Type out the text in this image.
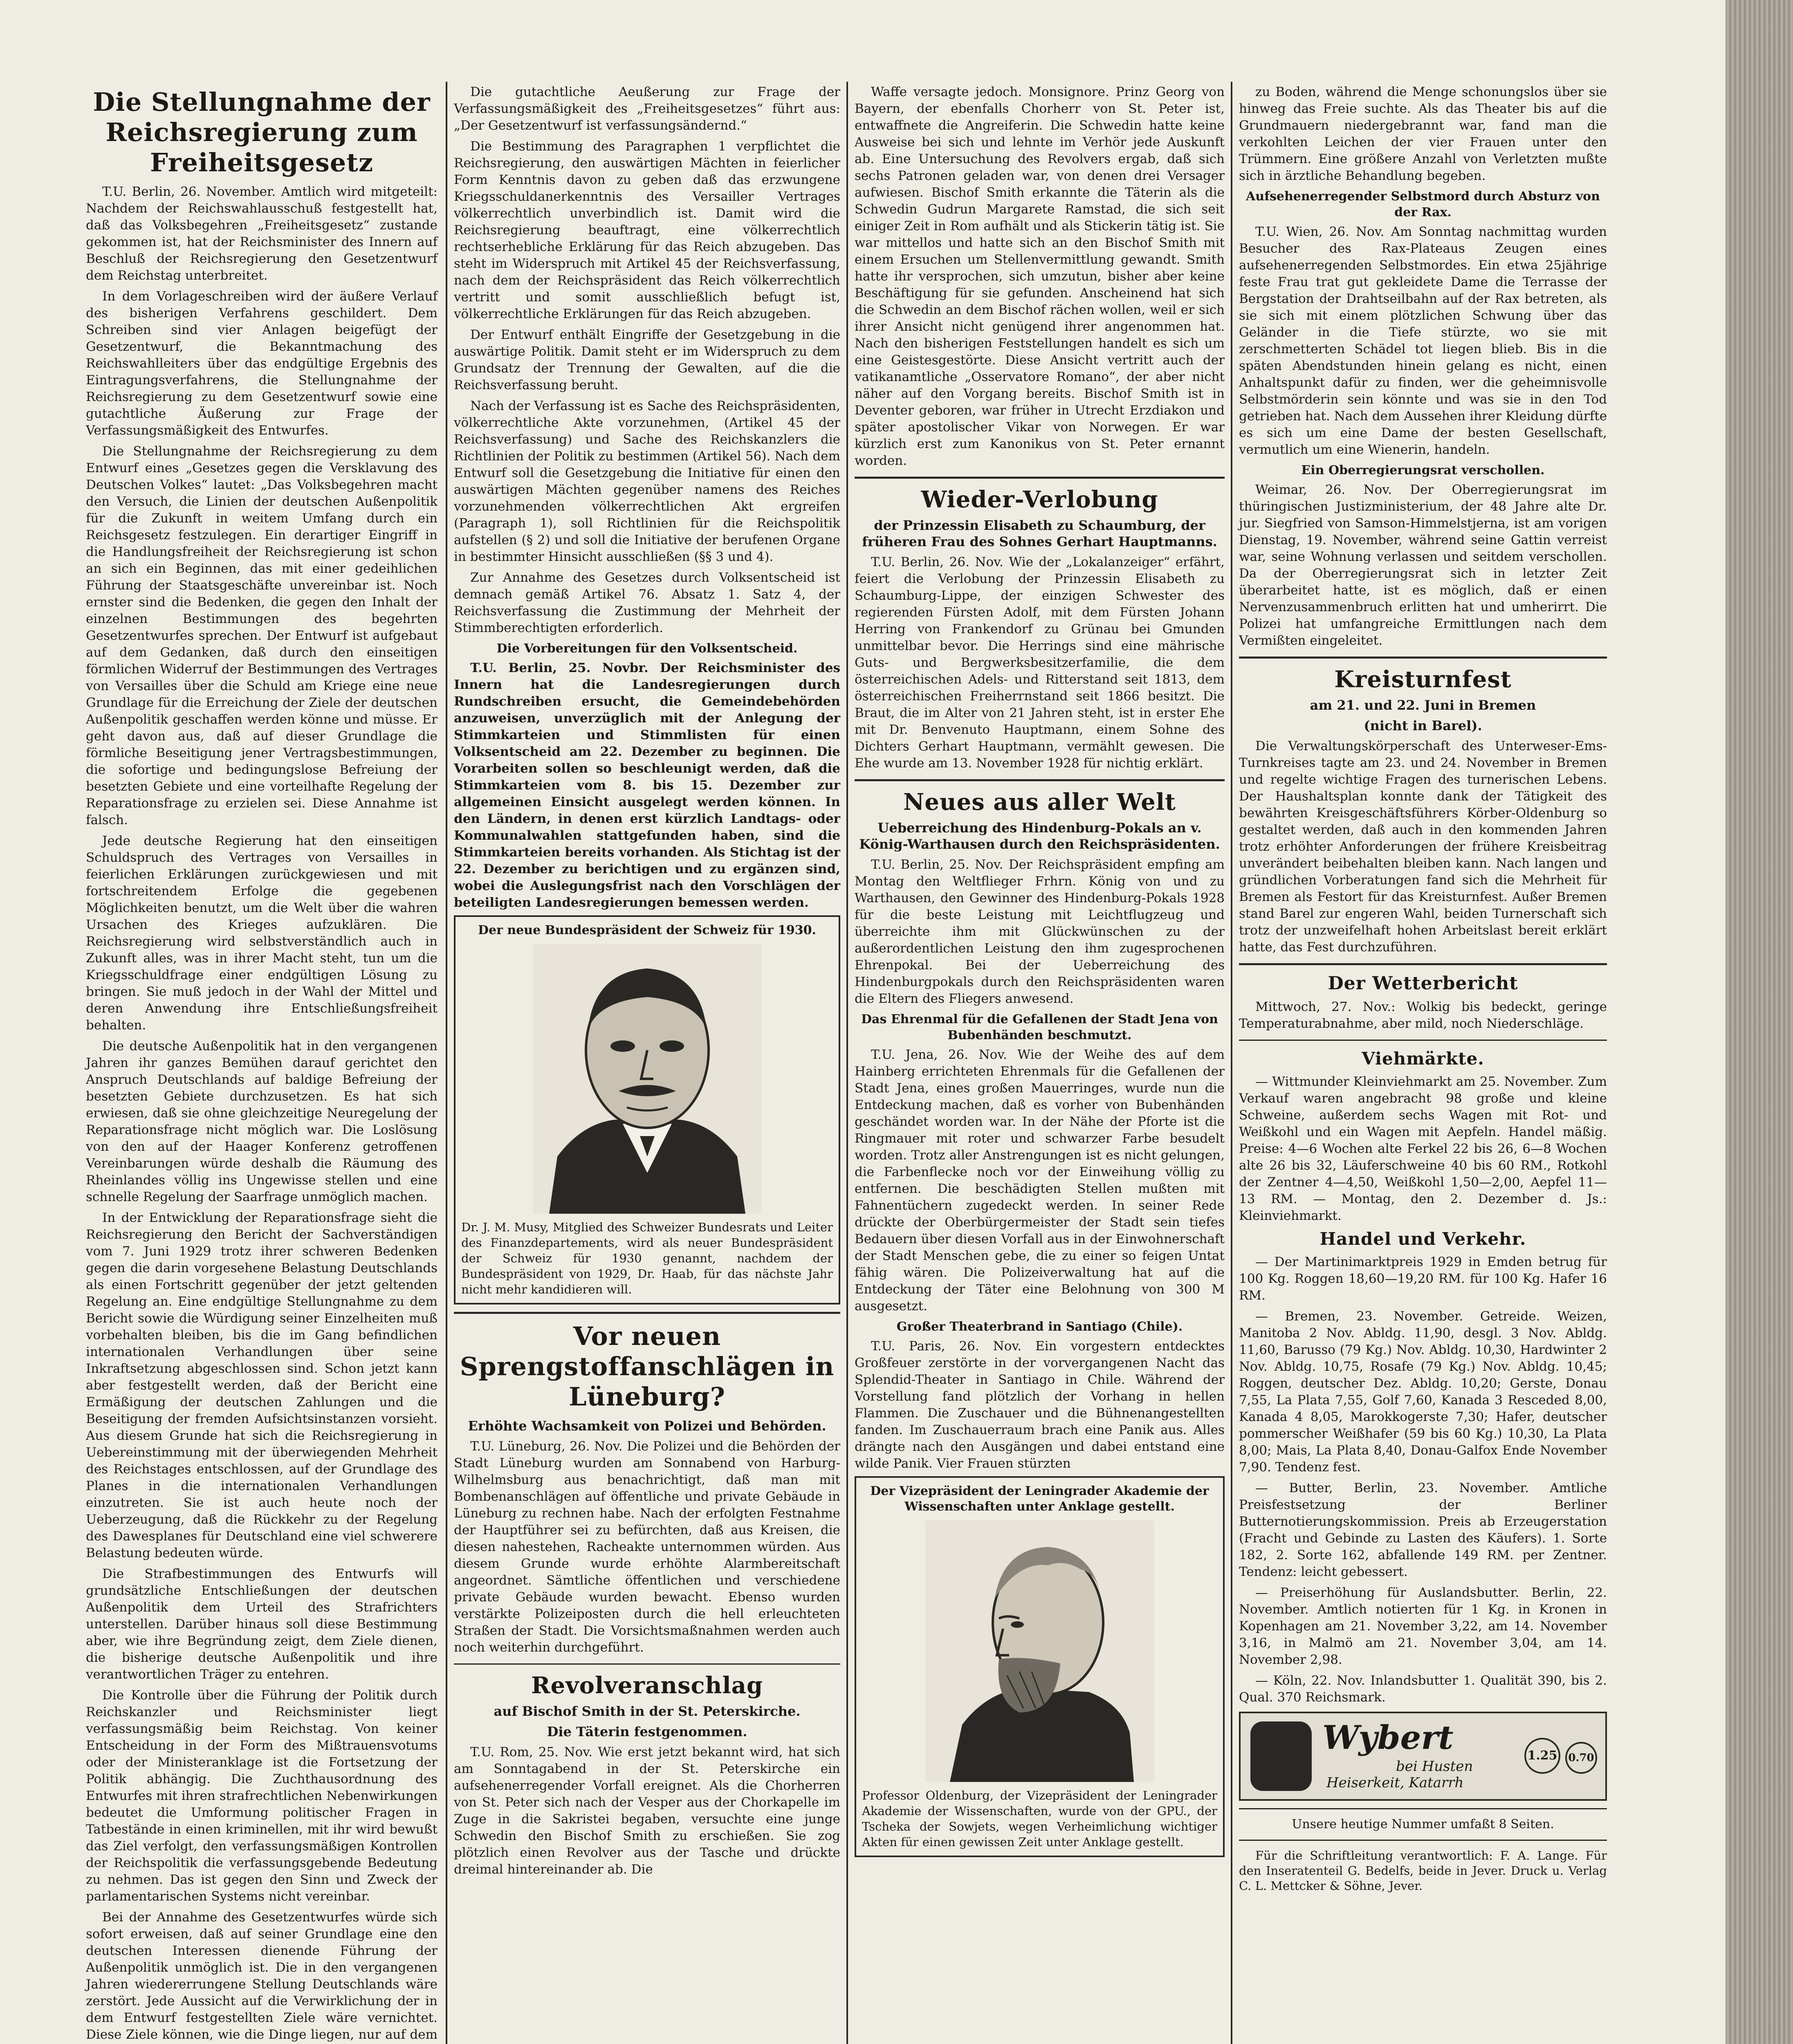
Die Stellungnahme der Reichsregierung zum Freiheitsgesetz

T.U. Berlin, 26. November. Amtlich wird mitgeteilt: Nachdem der Reichswahlausschuß festgestellt hat, daß das Volksbegehren „Freiheitsgesetz“ zustande gekommen ist, hat der Reichsminister des Innern auf Beschluß der Reichsregierung den Gesetzentwurf dem Reichstag unterbreitet.

In dem Vorlageschreiben wird der äußere Verlauf des bisherigen Verfahrens geschildert. Dem Schreiben sind vier Anlagen beigefügt der Gesetzentwurf, die Bekanntmachung des Reichswahlleiters über das endgültige Ergebnis des Eintragungsverfahrens, die Stellungnahme der Reichsregierung zu dem Gesetzentwurf sowie eine gutachtliche Äußerung zur Frage der Verfassungsmäßigkeit des Entwurfes.

Die Stellungnahme der Reichsregierung zu dem Entwurf eines „Gesetzes gegen die Versklavung des Deutschen Volkes“ lautet: „Das Volksbegehren macht den Versuch, die Linien der deutschen Außenpolitik für die Zukunft in weitem Umfang durch ein Reichsgesetz festzulegen. Ein derartiger Eingriff in die Handlungsfreiheit der Reichsregierung ist schon an sich ein Beginnen, das mit einer gedeihlichen Führung der Staatsgeschäfte unvereinbar ist. Noch ernster sind die Bedenken, die gegen den Inhalt der einzelnen Bestimmungen des begehrten Gesetzentwurfes sprechen. Der Entwurf ist aufgebaut auf dem Gedanken, daß durch den einseitigen förmlichen Widerruf der Bestimmungen des Vertrages von Versailles über die Schuld am Kriege eine neue Grundlage für die Erreichung der Ziele der deutschen Außenpolitik geschaffen werden könne und müsse. Er geht davon aus, daß auf dieser Grundlage die förmliche Beseitigung jener Vertragsbestimmungen, die sofortige und bedingungslose Befreiung der besetzten Gebiete und eine vorteilhafte Regelung der Reparationsfrage zu erzielen sei. Diese Annahme ist falsch.

Jede deutsche Regierung hat den einseitigen Schuldspruch des Vertrages von Versailles in feierlichen Erklärungen zurückgewiesen und mit fortschreitendem Erfolge die gegebenen Möglichkeiten benutzt, um die Welt über die wahren Ursachen des Krieges aufzuklären. Die Reichsregierung wird selbstverständlich auch in Zukunft alles, was in ihrer Macht steht, tun um die Kriegsschuldfrage einer endgültigen Lösung zu bringen. Sie muß jedoch in der Wahl der Mittel und deren Anwendung ihre Entschließungsfreiheit behalten.

Die deutsche Außenpolitik hat in den vergangenen Jahren ihr ganzes Bemühen darauf gerichtet den Anspruch Deutschlands auf baldige Befreiung der besetzten Gebiete durchzusetzen. Es hat sich erwiesen, daß sie ohne gleichzeitige Neuregelung der Reparationsfrage nicht möglich war. Die Loslösung von den auf der Haager Konferenz getroffenen Vereinbarungen würde deshalb die Räumung des Rheinlandes völlig ins Ungewisse stellen und eine schnelle Regelung der Saarfrage unmöglich machen.

In der Entwicklung der Reparationsfrage sieht die Reichsregierung den Bericht der Sachverständigen vom 7. Juni 1929 trotz ihrer schweren Bedenken gegen die darin vorgesehene Belastung Deutschlands als einen Fortschritt gegenüber der jetzt geltenden Regelung an. Eine endgültige Stellungnahme zu dem Bericht sowie die Würdigung seiner Einzelheiten muß vorbehalten bleiben, bis die im Gang befindlichen internationalen Verhandlungen über seine Inkraftsetzung abgeschlossen sind. Schon jetzt kann aber festgestellt werden, daß der Bericht eine Ermäßigung der deutschen Zahlungen und die Beseitigung der fremden Aufsichtsinstanzen vorsieht. Aus diesem Grunde hat sich die Reichsregierung in Uebereinstimmung mit der überwiegenden Mehrheit des Reichstages entschlossen, auf der Grundlage des Planes in die internationalen Verhandlungen einzutreten. Sie ist auch heute noch der Ueberzeugung, daß die Rückkehr zu der Regelung des Dawesplanes für Deutschland eine viel schwerere Belastung bedeuten würde.

Die Strafbestimmungen des Entwurfs will grundsätzliche Entschließungen der deutschen Außenpolitik dem Urteil des Strafrichters unterstellen. Darüber hinaus soll diese Bestimmung aber, wie ihre Begründung zeigt, dem Ziele dienen, die bisherige deutsche Außenpolitik und ihre verantwortlichen Träger zu entehren.

Die Kontrolle über die Führung der Politik durch Reichskanzler und Reichsminister liegt verfassungsmäßig beim Reichstag. Von keiner Entscheidung in der Form des Mißtrauensvotums oder der Ministeranklage ist die Fortsetzung der Politik abhängig. Die Zuchthausordnung des Entwurfes mit ihren strafrechtlichen Nebenwirkungen bedeutet die Umformung politischer Fragen in Tatbestände in einen kriminellen, mit ihr wird bewußt das Ziel verfolgt, den verfassungsmäßigen Kontrollen der Reichspolitik die verfassungsgebende Bedeutung zu nehmen. Das ist gegen den Sinn und Zweck der parlamentarischen Systems nicht vereinbar.

Bei der Annahme des Gesetzentwurfes würde sich sofort erweisen, daß auf seiner Grundlage eine den deutschen Interessen dienende Führung der Außenpolitik unmöglich ist. Die in den vergangenen Jahren wiedererrungene Stellung Deutschlands wäre zerstört. Jede Aussicht auf die Verwirklichung der in dem Entwurf festgestellten Ziele wäre vernichtet. Diese Ziele können, wie die Dinge liegen, nur auf dem

Die gutachtliche Aeußerung zur Frage der Verfassungsmäßigkeit des „Freiheitsgesetzes“ führt aus: „Der Gesetzentwurf ist verfassungsändernd.“

Die Bestimmung des Paragraphen 1 verpflichtet die Reichsregierung, den auswärtigen Mächten in feierlicher Form Kenntnis davon zu geben daß das erzwungene Kriegsschuldanerkenntnis des Versailler Vertrages völkerrechtlich unverbindlich ist. Damit wird die Reichsregierung beauftragt, eine völkerrechtlich rechtserhebliche Erklärung für das Reich abzugeben. Das steht im Widerspruch mit Artikel 45 der Reichsverfassung, nach dem der Reichspräsident das Reich völkerrechtlich vertritt und somit ausschließlich befugt ist, völkerrechtliche Erklärungen für das Reich abzugeben.

Der Entwurf enthält Eingriffe der Gesetzgebung in die auswärtige Politik. Damit steht er im Widerspruch zu dem Grundsatz der Trennung der Gewalten, auf die die Reichsverfassung beruht.

Nach der Verfassung ist es Sache des Reichspräsidenten, völkerrechtliche Akte vorzunehmen, (Artikel 45 der Reichsverfassung) und Sache des Reichskanzlers die Richtlinien der Politik zu bestimmen (Artikel 56). Nach dem Entwurf soll die Gesetzgebung die Initiative für einen den auswärtigen Mächten gegenüber namens des Reiches vorzunehmenden völkerrechtlichen Akt ergreifen (Paragraph 1), soll Richtlinien für die Reichspolitik aufstellen (§ 2) und soll die Initiative der berufenen Organe in bestimmter Hinsicht ausschließen (§§ 3 und 4).

Zur Annahme des Gesetzes durch Volksentscheid ist demnach gemäß Artikel 76. Absatz 1. Satz 4, der Reichsverfassung die Zustimmung der Mehrheit der Stimmberechtigten erforderlich.

Die Vorbereitungen für den Volksentscheid.

T.U. Berlin, 25. Novbr. Der Reichsminister des Innern hat die Landesregierungen durch Rundschreiben ersucht, die Gemeindebehörden anzuweisen, unverzüglich mit der Anlegung der Stimmkarteien und Stimmlisten für einen Volksentscheid am 22. Dezember zu beginnen. Die Vorarbeiten sollen so beschleunigt werden, daß die Stimmkarteien vom 8. bis 15. Dezember zur allgemeinen Einsicht ausgelegt werden können. In den Ländern, in denen erst kürzlich Landtags- oder Kommunalwahlen stattgefunden haben, sind die Stimmkarteien bereits vorhanden. Als Stichtag ist der 22. Dezember zu berichtigen und zu ergänzen sind, wobei die Auslegungsfrist nach den Vorschlägen der beteiligten Landesregierungen bemessen werden.

Der neue Bundespräsident der Schweiz für 1930.
Dr. J. M. Musy, Mitglied des Schweizer Bundesrats und Leiter des Finanzdepartements, wird als neuer Bundespräsident der Schweiz für 1930 genannt, nachdem der Bundespräsident von 1929, Dr. Haab, für das nächste Jahr nicht mehr kandidieren will.
Vor neuen Sprengstoffanschlägen in Lüneburg?
Erhöhte Wachsamkeit von Polizei und Behörden.

T.U. Lüneburg, 26. Nov. Die Polizei und die Behörden der Stadt Lüneburg wurden am Sonnabend von Harburg-Wilhelmsburg aus benachrichtigt, daß man mit Bombenanschlägen auf öffentliche und private Gebäude in Lüneburg zu rechnen habe. Nach der erfolgten Festnahme der Hauptführer sei zu befürchten, daß aus Kreisen, die diesen nahestehen, Racheakte unternommen würden. Aus diesem Grunde wurde erhöhte Alarmbereitschaft angeordnet. Sämtliche öffentlichen und verschiedene private Gebäude wurden bewacht. Ebenso wurden verstärkte Polizeiposten durch die hell erleuchteten Straßen der Stadt. Die Vorsichtsmaßnahmen werden auch noch weiterhin durchgeführt.

Revolveranschlag
auf Bischof Smith in der St. Peterskirche.
Die Täterin festgenommen.

T.U. Rom, 25. Nov. Wie erst jetzt bekannt wird, hat sich am Sonntagabend in der St. Peterskirche ein aufsehenerregender Vorfall ereignet. Als die Chorherren von St. Peter sich nach der Vesper aus der Chorkapelle im Zuge in die Sakristei begaben, versuchte eine junge Schwedin den Bischof Smith zu erschießen. Sie zog plötzlich einen Revolver aus der Tasche und drückte dreimal hintereinander ab. Die

Waffe versagte jedoch. Monsignore. Prinz Georg von Bayern, der ebenfalls Chorherr von St. Peter ist, entwaffnete die Angreiferin. Die Schwedin hatte keine Ausweise bei sich und lehnte im Verhör jede Auskunft ab. Eine Untersuchung des Revolvers ergab, daß sich sechs Patronen geladen war, von denen drei Versager aufwiesen. Bischof Smith erkannte die Täterin als die Schwedin Gudrun Margarete Ramstad, die sich seit einiger Zeit in Rom aufhält und als Stickerin tätig ist. Sie war mittellos und hatte sich an den Bischof Smith mit einem Ersuchen um Stellenvermittlung gewandt. Smith hatte ihr versprochen, sich umzutun, bisher aber keine Beschäftigung für sie gefunden. Anscheinend hat sich die Schwedin an dem Bischof rächen wollen, weil er sich ihrer Ansicht nicht genügend ihrer angenommen hat. Nach den bisherigen Feststellungen handelt es sich um eine Geistesgestörte. Diese Ansicht vertritt auch der vatikanamtliche „Osservatore Romano“, der aber nicht näher auf den Vorgang bereits. Bischof Smith ist in Deventer geboren, war früher in Utrecht Erzdiakon und später apostolischer Vikar von Norwegen. Er war kürzlich erst zum Kanonikus von St. Peter ernannt worden.

Wieder-Verlobung
der Prinzessin Elisabeth zu Schaumburg, der früheren Frau des Sohnes Gerhart Hauptmanns.

T.U. Berlin, 26. Nov. Wie der „Lokalanzeiger“ erfährt, feiert die Verlobung der Prinzessin Elisabeth zu Schaumburg-Lippe, der einzigen Schwester des regierenden Fürsten Adolf, mit dem Fürsten Johann Herring von Frankendorf zu Grünau bei Gmunden unmittelbar bevor. Die Herrings sind eine mährische Guts- und Bergwerksbesitzerfamilie, die dem österreichischen Adels- und Ritterstand seit 1813, dem österreichischen Freiherrnstand seit 1866 besitzt. Die Braut, die im Alter von 21 Jahren steht, ist in erster Ehe mit Dr. Benvenuto Hauptmann, einem Sohne des Dichters Gerhart Hauptmann, vermählt gewesen. Die Ehe wurde am 13. November 1928 für nichtig erklärt.

Neues aus aller Welt
Ueberreichung des Hindenburg-Pokals an v. König-Warthausen durch den Reichspräsidenten.

T.U. Berlin, 25. Nov. Der Reichspräsident empfing am Montag den Weltflieger Frhrn. König von und zu Warthausen, den Gewinner des Hindenburg-Pokals 1928 für die beste Leistung mit Leichtflugzeug und überreichte ihm mit Glückwünschen zu der außerordentlichen Leistung den ihm zugesprochenen Ehrenpokal. Bei der Ueberreichung des Hindenburgpokals durch den Reichspräsidenten waren die Eltern des Fliegers anwesend.

Das Ehrenmal für die Gefallenen der Stadt Jena von Bubenhänden beschmutzt.

T.U. Jena, 26. Nov. Wie der Weihe des auf dem Hainberg errichteten Ehrenmals für die Gefallenen der Stadt Jena, eines großen Mauerringes, wurde nun die Entdeckung machen, daß es vorher von Bubenhänden geschändet worden war. In der Nähe der Pforte ist die Ringmauer mit roter und schwarzer Farbe besudelt worden. Trotz aller Anstrengungen ist es nicht gelungen, die Farbenflecke noch vor der Einweihung völlig zu entfernen. Die beschädigten Stellen mußten mit Fahnentüchern zugedeckt werden. In seiner Rede drückte der Oberbürgermeister der Stadt sein tiefes Bedauern über diesen Vorfall aus in der Einwohnerschaft der Stadt Menschen gebe, die zu einer so feigen Untat fähig wären. Die Polizeiverwaltung hat auf die Entdeckung der Täter eine Belohnung von 300 M ausgesetzt.

Großer Theaterbrand in Santiago (Chile).

T.U. Paris, 26. Nov. Ein vorgestern entdecktes Großfeuer zerstörte in der vorvergangenen Nacht das Splendid-Theater in Santiago in Chile. Während der Vorstellung fand plötzlich der Vorhang in hellen Flammen. Die Zuschauer und die Bühnenangestellten fanden. Im Zuschauerraum brach eine Panik aus. Alles drängte nach den Ausgängen und dabei entstand eine wilde Panik. Vier Frauen stürzten

Der Vizepräsident der Leningrader Akademie der Wissenschaften unter Anklage gestellt.
Professor Oldenburg, der Vizepräsident der Leningrader Akademie der Wissenschaften, wurde von der GPU., der Tscheka der Sowjets, wegen Verheimlichung wichtiger Akten für einen gewissen Zeit unter Anklage gestellt.

zu Boden, während die Menge schonungslos über sie hinweg das Freie suchte. Als das Theater bis auf die Grundmauern niedergebrannt war, fand man die verkohlten Leichen der vier Frauen unter den Trümmern. Eine größere Anzahl von Verletzten mußte sich in ärztliche Behandlung begeben.

Aufsehenerregender Selbstmord durch Absturz von der Rax.

T.U. Wien, 26. Nov. Am Sonntag nachmittag wurden Besucher des Rax-Plateaus Zeugen eines aufsehenerregenden Selbstmordes. Ein etwa 25jährige feste Frau trat gut gekleidete Dame die Terrasse der Bergstation der Drahtseilbahn auf der Rax betreten, als sie sich mit einem plötzlichen Schwung über das Geländer in die Tiefe stürzte, wo sie mit zerschmetterten Schädel tot liegen blieb. Bis in die späten Abendstunden hinein gelang es nicht, einen Anhaltspunkt dafür zu finden, wer die geheimnisvolle Selbstmörderin sein könnte und was sie in den Tod getrieben hat. Nach dem Aussehen ihrer Kleidung dürfte es sich um eine Dame der besten Gesellschaft, vermutlich um eine Wienerin, handeln.

Ein Oberregierungsrat verschollen.

Weimar, 26. Nov. Der Oberregierungsrat im thüringischen Justizministerium, der 48 Jahre alte Dr. jur. Siegfried von Samson-Himmelstjerna, ist am vorigen Dienstag, 19. November, während seine Gattin verreist war, seine Wohnung verlassen und seitdem verschollen. Da der Oberregierungsrat sich in letzter Zeit überarbeitet hatte, ist es möglich, daß er einen Nervenzusammenbruch erlitten hat und umherirrt. Die Polizei hat umfangreiche Ermittlungen nach dem Vermißten eingeleitet.

Kreisturnfest
am 21. und 22. Juni in Bremen
(nicht in Barel).

Die Verwaltungskörperschaft des Unterweser-Ems-Turnkreises tagte am 23. und 24. November in Bremen und regelte wichtige Fragen des turnerischen Lebens. Der Haushaltsplan konnte dank der Tätigkeit des bewährten Kreisgeschäftsführers Körber-Oldenburg so gestaltet werden, daß auch in den kommenden Jahren trotz erhöhter Anforderungen der frühere Kreisbeitrag unverändert beibehalten bleiben kann. Nach langen und gründlichen Vorberatungen fand sich die Mehrheit für Bremen als Festort für das Kreisturnfest. Außer Bremen stand Barel zur engeren Wahl, beiden Turnerschaft sich trotz der unzweifelhaft hohen Arbeitslast bereit erklärt hatte, das Fest durchzuführen.

Der Wetterbericht

Mittwoch, 27. Nov.: Wolkig bis bedeckt, geringe Temperaturabnahme, aber mild, noch Niederschläge.

Viehmärkte.

— Wittmunder Kleinviehmarkt am 25. November. Zum Verkauf waren angebracht 98 große und kleine Schweine, außerdem sechs Wagen mit Rot- und Weißkohl und ein Wagen mit Aepfeln. Handel mäßig. Preise: 4—6 Wochen alte Ferkel 22 bis 26, 6—8 Wochen alte 26 bis 32, Läuferschweine 40 bis 60 RM., Rotkohl der Zentner 4—4,50, Weißkohl 1,50—2,00, Aepfel 11—13 RM. — Montag, den 2. Dezember d. Js.: Kleinviehmarkt.

Handel und Verkehr.

— Der Martinimarktpreis 1929 in Emden betrug für 100 Kg. Roggen 18,60—19,20 RM. für 100 Kg. Hafer 16 RM.

— Bremen, 23. November. Getreide. Weizen, Manitoba 2 Nov. Abldg. 11,90, desgl. 3 Nov. Abldg. 11,60, Barusso (79 Kg.) Nov. Abldg. 10,30, Hardwinter 2 Nov. Abldg. 10,75, Rosafe (79 Kg.) Nov. Abldg. 10,45; Roggen, deutscher Dez. Abldg. 10,20; Gerste, Donau 7,55, La Plata 7,55, Golf 7,60, Kanada 3 Resceded 8,00, Kanada 4 8,05, Marokkogerste 7,30; Hafer, deutscher pommerscher Weißhafer (59 bis 60 Kg.) 10,30, La Plata 8,00; Mais, La Plata 8,40, Donau-Galfox Ende November 7,90. Tendenz fest.

— Butter, Berlin, 23. November. Amtliche Preisfestsetzung der Berliner Butternotierungskommission. Preis ab Erzeugerstation (Fracht und Gebinde zu Lasten des Käufers). 1. Sorte 182, 2. Sorte 162, abfallende 149 RM. per Zentner. Tendenz: leicht gebessert.

— Preiserhöhung für Auslandsbutter. Berlin, 22. November. Amtlich notierten für 1 Kg. in Kronen in Kopenhagen am 21. November 3,22, am 14. November 3,16, in Malmö am 21. November 3,04, am 14. November 2,98.

— Köln, 22. Nov. Inlandsbutter 1. Qualität 390, bis 2. Qual. 370 Reichsmark.

Wybert
bei Husten
Heiserkeit, Katarrh
1.25 0.70
Unsere heutige Nummer umfaßt 8 Seiten.

Für die Schriftleitung verantwortlich: F. A. Lange. Für den Inseratenteil G. Bedelfs, beide in Jever. Druck u. Verlag C. L. Mettcker & Söhne, Jever.
